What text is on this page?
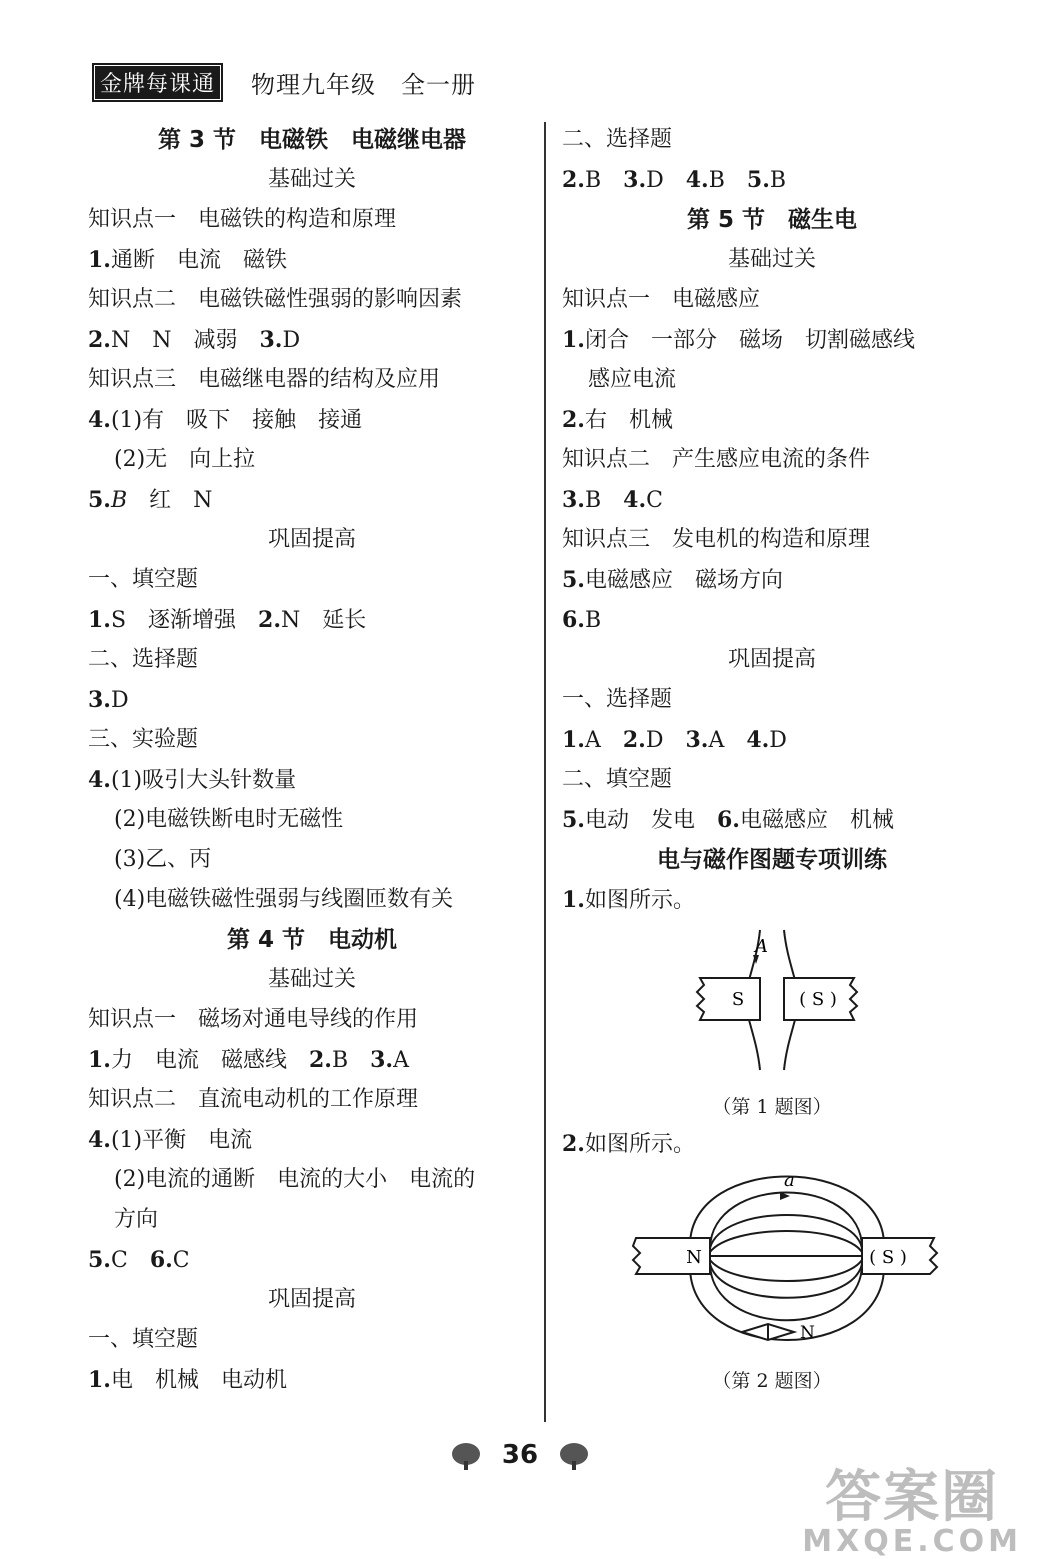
金牌每课通	物理九年级　全一册
第 3 节　电磁铁　电磁继电器
基础过关
知识点一　电磁铁的构造和原理
1.通断　电流　磁铁
知识点二　电磁铁磁性强弱的影响因素
2.N　N　减弱　3.D
知识点三　电磁继电器的结构及应用
4.(1)有　吸下　接触　接通
(2)无　向上拉
5.B　红　N
巩固提高
一、填空题
1.S　逐渐增强　2.N　延长
二、选择题
3.D
三、实验题
4.(1)吸引大头针数量
(2)电磁铁断电时无磁性
(3)乙、丙
(4)电磁铁磁性强弱与线圈匝数有关
第 4 节　电动机
基础过关
知识点一　磁场对通电导线的作用
1.力　电流　磁感线　2.B　3.A
知识点二　直流电动机的工作原理
4.(1)平衡　电流
(2)电流的通断　电流的大小　电流的
方向
5.C　6.C
巩固提高
一、填空题
1.电　机械　电动机
二、选择题
2.B　3.D　4.B　5.B
第 5 节　磁生电
基础过关
知识点一　电磁感应
1.闭合　一部分　磁场　切割磁感线
感应电流
2.右　机械
知识点二　产生感应电流的条件
3.B　4.C
知识点三　发电机的构造和原理
5.电磁感应　磁场方向
6.B
巩固提高
一、选择题
1.A　2.D　3.A　4.D
二、填空题
5.电动　发电　6.电磁感应　机械
电与磁作图题专项训练
1.如图所示。
A
S	( S )
（第 1 题图）
2.如图所示。
a
N	( S )
N
（第 2 题图）
36
答案圈
MXQE.COM
